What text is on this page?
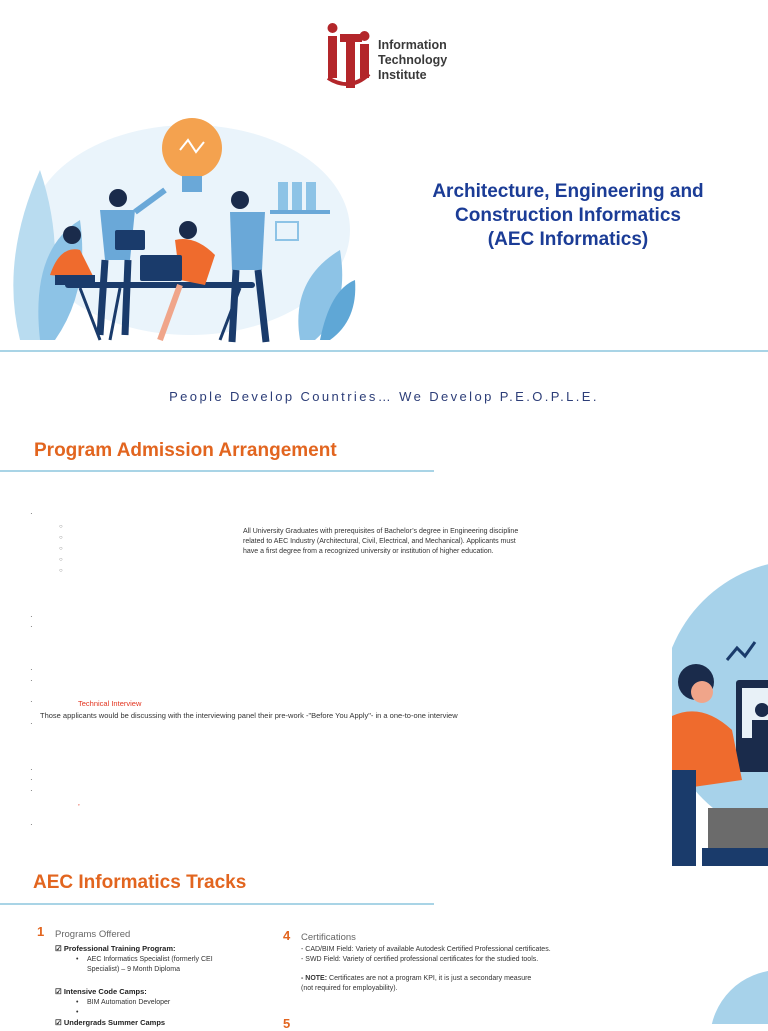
Information
Technology
Institute
Architecture, Engineering and
Construction Informatics
(AEC Informatics)
People Develop Countries… We Develop P.E.O.P.L.E.
Program Admission Arrangement
·
○
○
○
○
○
All University Graduates with prerequisites of Bachelor’s degree in Engineering discipline related to AEC Industry (Architectural, Civil, Electrical, and Mechanical). Applicants must have a first degree from a recognized university or institution of higher education.
·
·
·
·
·	Technical Interview
Those applicants would be discussing with the interviewing panel their pre-work -"Before You Apply"- in a one-to-one interview
·
·
·
·
’
·
AEC Informatics Tracks
1 Programs Offered
☑ Professional Training Program:
• AEC Informatics Specialist (formerly CEI
Specialist) – 9 Month Diploma
☑ Intensive Code Camps:
• BIM Automation Developer
•
☑ Undergrads Summer Camps
4 Certifications
- CAD/BIM Field: Variety of available Autodesk Certified Professional certificates.
- SWD Field: Variety of certified professional certificates for the studied tools.
- NOTE: Certificates are not a program KPI, it is just a secondary measure
(not required for employability).
5
